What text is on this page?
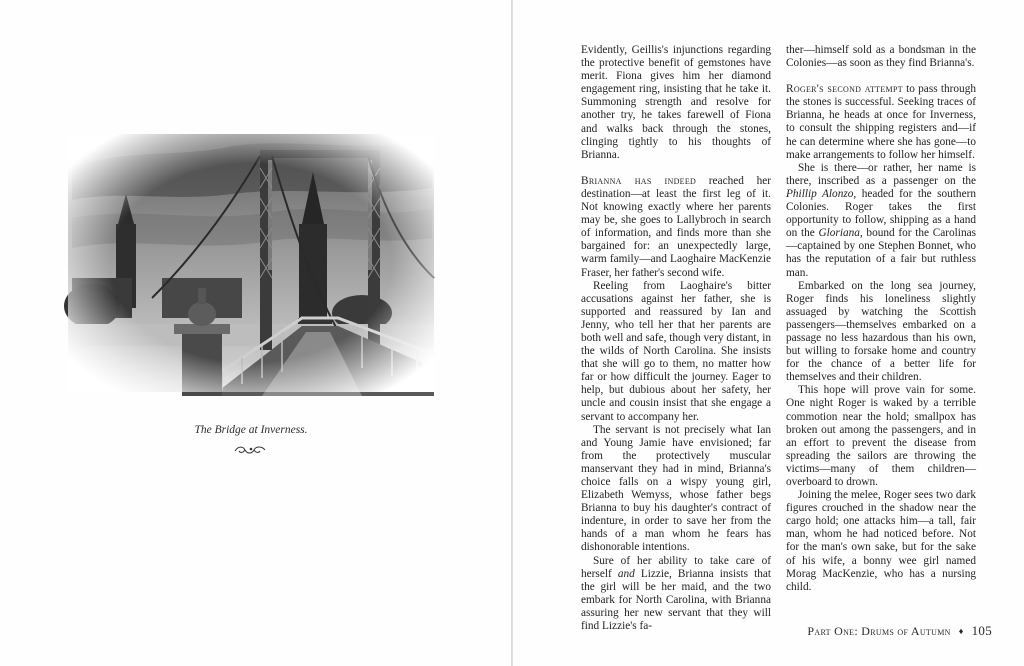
The Bridge at Inverness.

Evidently, Geillis's injunctions regarding the protective benefit of gemstones have merit. Fiona gives him her diamond engagement ring, insisting that he take it. Summoning strength and resolve for another try, he takes farewell of Fiona and walks back through the stones, clinging tightly to his thoughts of Brianna.

Brianna has indeed reached her destination—at least the first leg of it. Not knowing exactly where her parents may be, she goes to Lallybroch in search of information, and finds more than she bargained for: an unexpectedly large, warm family—and Laoghaire MacKenzie Fraser, her father's second wife.

Reeling from Laoghaire's bitter accusations against her father, she is supported and reassured by Ian and Jenny, who tell her that her parents are both well and safe, though very distant, in the wilds of North Carolina. She insists that she will go to them, no matter how far or how difficult the journey. Eager to help, but dubious about her safety, her uncle and cousin insist that she engage a servant to accompany her.

The servant is not precisely what Ian and Young Jamie have envisioned; far from the protectively muscular manservant they had in mind, Brianna's choice falls on a wispy young girl, Elizabeth Wemyss, whose father begs Brianna to buy his daughter's contract of indenture, in order to save her from the hands of a man whom he fears has dishonorable intentions.

Sure of her ability to take care of herself and Lizzie, Brianna insists that the girl will be her maid, and the two embark for North Carolina, with Brianna assuring her new servant that they will find Lizzie's fa-

ther—himself sold as a bondsman in the Colonies—as soon as they find Brianna's.

Roger's second attempt to pass through the stones is successful. Seeking traces of Brianna, he heads at once for Inverness, to consult the shipping registers and—if he can determine where she has gone—to make arrangements to follow her himself.

She is there—or rather, her name is there, inscribed as a passenger on the Phillip Alonzo, headed for the southern Colonies. Roger takes the first opportunity to follow, shipping as a hand on the Gloriana, bound for the Carolinas—captained by one Stephen Bonnet, who has the reputation of a fair but ruthless man.

Embarked on the long sea journey, Roger finds his loneliness slightly assuaged by watching the Scottish passengers—themselves embarked on a passage no less hazardous than his own, but willing to forsake home and country for the chance of a better life for themselves and their children.

This hope will prove vain for some. One night Roger is waked by a terrible commotion near the hold; smallpox has broken out among the passengers, and in an effort to prevent the disease from spreading the sailors are throwing the victims—many of them children—overboard to drown.

Joining the melee, Roger sees two dark figures crouched in the shadow near the cargo hold; one attacks him—a tall, fair man, whom he had noticed before. Not for the man's own sake, but for the sake of his wife, a bonny wee girl named Morag MacKenzie, who has a nursing child.

Part One: Drums of Autumn ♦ 105
